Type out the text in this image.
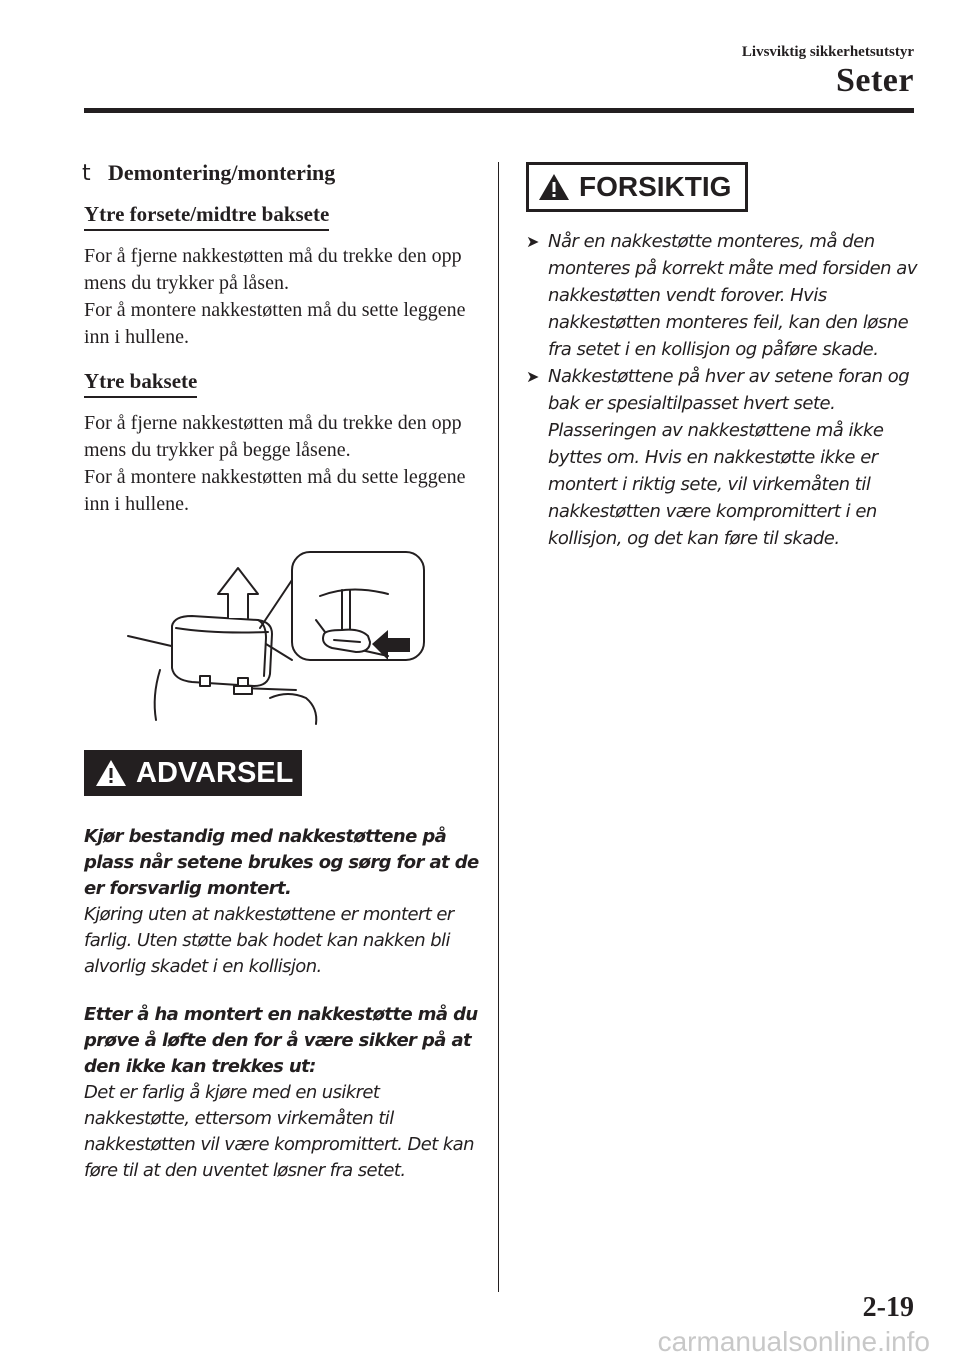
Livsviktig sikkerhetsutstyr
Seter
t Demontering/montering
Ytre forsete/midtre baksete

For å fjerne nakkestøtten må du trekke den opp mens du trykker på låsen.

For å montere nakkestøtten må du sette leggene inn i hullene.

Ytre baksete

For å fjerne nakkestøtten må du trekke den opp mens du trykker på begge låsene.

For å montere nakkestøtten må du sette leggene inn i hullene.

ADVARSEL

Kjør bestandig med nakkestøttene på plass når setene brukes og sørg for at de er forsvarlig montert.

Kjøring uten at nakkestøttene er montert er farlig. Uten støtte bak hodet kan nakken bli alvorlig skadet i en kollisjon.

Etter å ha montert en nakkestøtte må du prøve å løfte den for å være sikker på at den ikke kan trekkes ut:

Det er farlig å kjøre med en usikret nakkestøtte, ettersom virkemåten til nakkestøtten vil være kompromittert. Det kan føre til at den uventet løsner fra setet.

FORSIKTIG
➤ Når en nakkestøtte monteres, må den monteres på korrekt måte med forsiden av nakkestøtten vendt forover. Hvis nakkestøtten monteres feil, kan den løsne fra setet i en kollisjon og påføre skade.
➤ Nakkestøttene på hver av setene foran og bak er spesialtilpasset hvert sete. Plasseringen av nakkestøttene må ikke byttes om. Hvis en nakkestøtte ikke er montert i riktig sete, vil virkemåten til nakkestøtten være kompromittert i en kollisjon, og det kan føre til skade.
2-19
carmanualsonline.info
